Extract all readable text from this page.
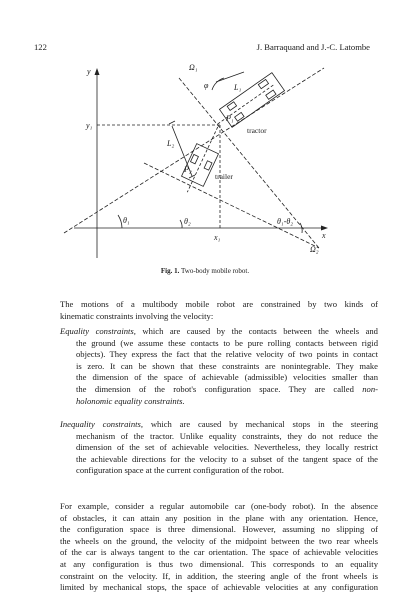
122	J. Barraquand and J.-C. Latombe
y
x
y₁
x₁
L₁
L₂
θ₁	θ₂	θ₁-θ₂
Ω₁
Ω₂
φ
P₁
P₂
tractor
trailer
Fig. 1. Two-body mobile robot.
The motions of a multibody mobile robot are constrained by two kinds of
kinematic constraints involving the velocity:
Equality constraints, which are caused by the contacts between the wheels and
the ground (we assume these contacts to be pure rolling contacts between rigid
objects). They express the fact that the relative velocity of two points in contact
is zero. It can be shown that these constraints are nonintegrable. They make
the dimension of the space of achievable (admissible) velocities smaller than
the dimension of the robot's configuration space. They are called non-
holonomic equality constraints.
Inequality constraints, which are caused by mechanical stops in the steering
mechanism of the tractor. Unlike equality constraints, they do not reduce the
dimension of the set of achievable velocities. Nevertheless, they locally restrict
the achievable directions for the velocity to a subset of the tangent space of the
configuration space at the current configuration of the robot.
For example, consider a regular automobile car (one-body robot). In the absence
of obstacles, it can attain any position in the plane with any orientation. Hence,
the configuration space is three dimensional. However, assuming no slipping of
the wheels on the ground, the velocity of the midpoint between the two rear wheels
of the car is always tangent to the car orientation. The space of achievable velocities
at any configuration is thus two dimensional. This corresponds to an equality
constraint on the velocity. If, in addition, the steering angle of the front wheels is
limited by mechanical stops, the space of achievable velocities at any configuration
